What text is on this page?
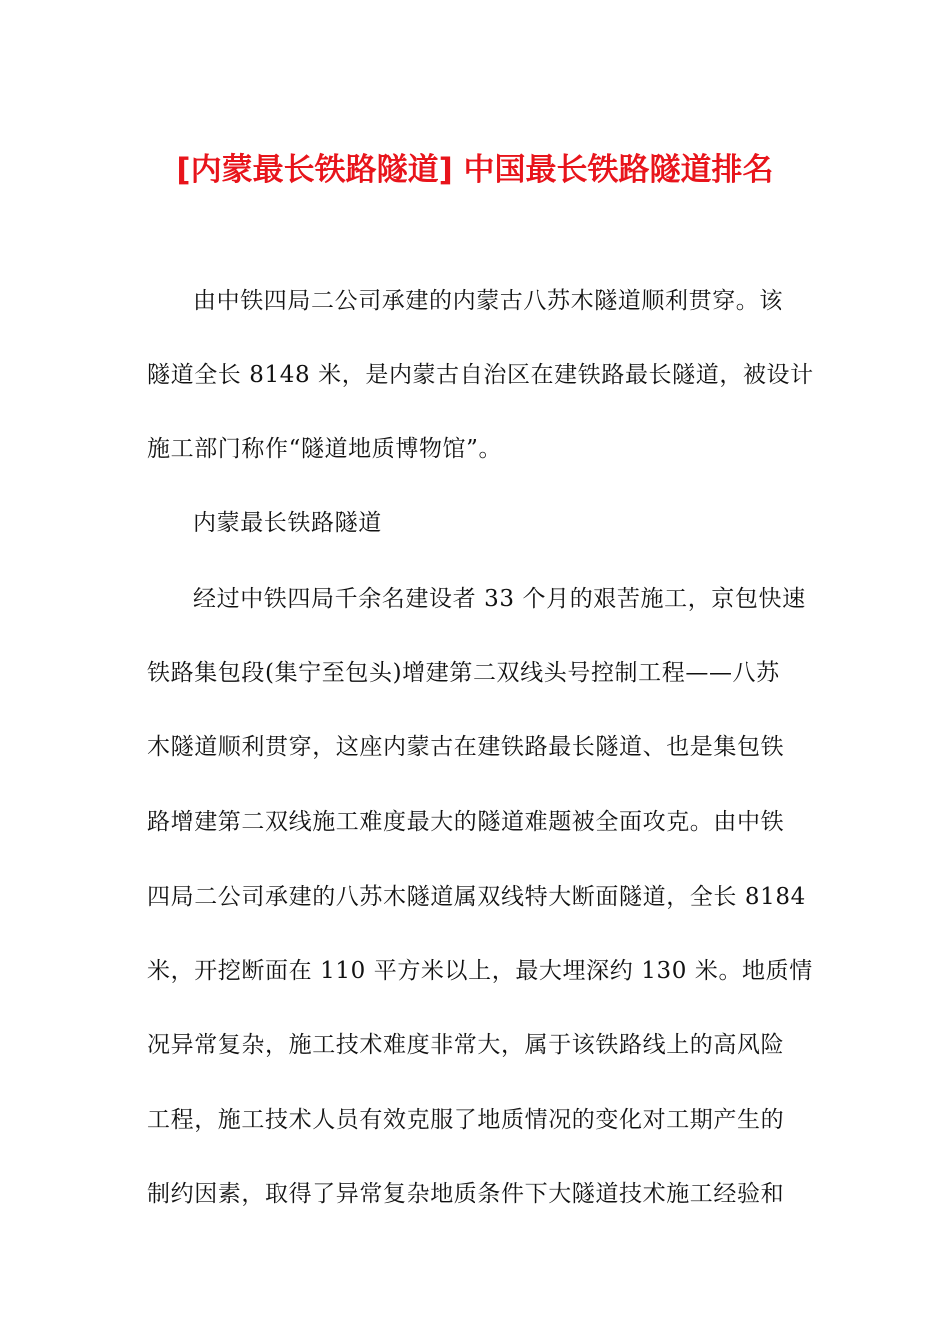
[内蒙最长铁路隧道] 中国最长铁路隧道排名
由中铁四局二公司承建的内蒙古八苏木隧道顺利贯穿。该
隧道全长 8148 米，是内蒙古自治区在建铁路最长隧道，被设计
施工部门称作“隧道地质博物馆”。
内蒙最长铁路隧道
经过中铁四局千余名建设者 33 个月的艰苦施工，京包快速
铁路集包段(集宁至包头)增建第二双线头号控制工程——八苏
木隧道顺利贯穿，这座内蒙古在建铁路最长隧道、也是集包铁
路增建第二双线施工难度最大的隧道难题被全面攻克。由中铁
四局二公司承建的八苏木隧道属双线特大断面隧道，全长 8184
米，开挖断面在 110 平方米以上，最大埋深约 130 米。地质情
况异常复杂，施工技术难度非常大，属于该铁路线上的高风险
工程，施工技术人员有效克服了地质情况的变化对工期产生的
制约因素，取得了异常复杂地质条件下大隧道技术施工经验和
